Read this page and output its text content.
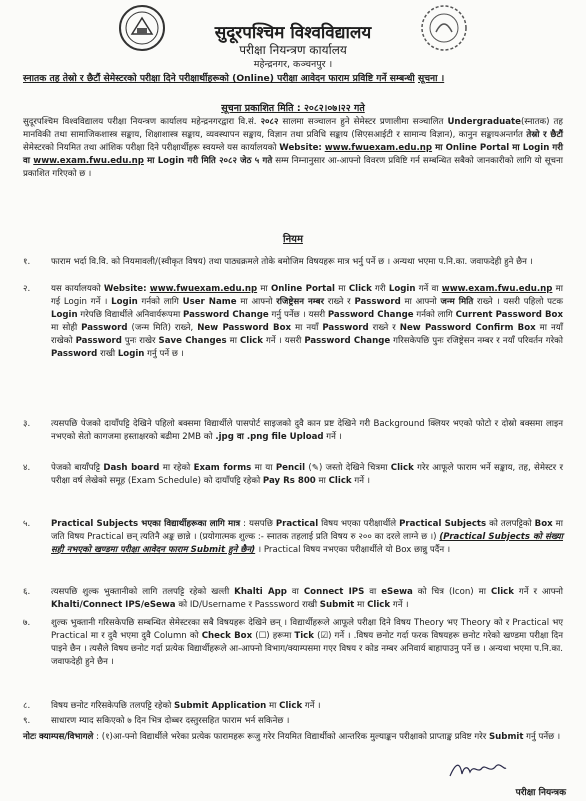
सुदूरपश्चिम विश्वविद्यालय
परीक्षा नियन्त्रण कार्यालय
महेन्द्रनगर, कञ्चनपुर ।
स्नातक तह तेस्रो र छैटौं सेमेस्टरको परीक्षा दिने परीक्षार्थीहरूको (Online) परीक्षा आवेदन फाराम प्रविष्टि गर्ने सम्बन्धी सूचना ।
सूचना प्रकाशित मिति : २०८२।०७।२२ गते
सुदूरपश्चिम विश्वविद्यालय परीक्षा नियन्त्रण कार्यालय महेन्द्रनगरद्वारा वि.सं. २०८२ सालमा सञ्चालन हुने सेमेस्टर प्रणालीमा सञ्चालित Undergraduate(स्नातक) तह मानविकी तथा सामाजिकशास्त्र सङ्काय, शिक्षाशास्त्र सङ्काय, व्यवस्थापन सङ्काय, विज्ञान तथा प्रविधि सङ्काय (सिएसआईटी र सामान्य विज्ञान), कानुन सङ्कायअन्तर्गत तेस्रो र छैटौं सेमेस्टरको नियमित तथा आंशिक परीक्षा दिने परीक्षार्थीहरू स्वयम्ले यस कार्यालयको Website: www.fwuexam.edu.np मा Online Portal मा Login गरी वा www.exam.fwu.edu.np मा Login गरी मिति २०८२ जेठ ५ गते सम्म निम्नानुसार आ-आफ्नो विवरण प्रविष्टि गर्न सम्बन्धित सबैको जानकारीको लागि यो सूचना प्रकाशित गरिएको छ ।
नियम
१. फाराम भर्दा वि.वि. को नियमावली/(स्वीकृत विषय) तथा पाठ्यक्रमले तोके बमोजिम विषयहरू मात्र भर्नु पर्ने छ । अन्यथा भएमा प.नि.का. जवाफदेही हुने छैन ।
२. यस कार्यालयको Website: www.fwuexam.edu.np मा Online Portal मा Click गरी Login गर्ने वा www.exam.fwu.edu.np मा गई Login गर्ने । Login गर्नको लागि User Name मा आफ्नो रजिष्ट्रेसन नम्बर राख्ने र Password मा आफ्नो जन्म मिति राख्ने । यसरी पहिलो पटक Login गरेपछि विद्यार्थीले अनिवार्यरूपमा Password Change गर्नु पर्नेछ । यसरी Password Change गर्नको लागि Current Password Box मा सोही Password (जन्म मिति) राख्ने, New Password Box मा नयाँ Password राख्ने र New Password Confirm Box मा नयाँ राखेको Password पुनः राखेर Save Changes मा Click गर्ने । यसरी Password Change गरिसकेपछि पुनः रजिष्ट्रेसन नम्बर र नयाँ परिवर्तन गरेको Password राखी Login गर्नु पर्ने छ ।
३. त्यसपछि पेजको दायाँपट्टि देखिने पहिलो बक्समा विद्यार्थीले पासपोर्ट साइजको दुवै कान प्रष्ट देखिने गरी Background क्लियर भएको फोटो र दोस्रो बक्समा लाइन नभएको सेतो कागजमा हस्ताक्षरको बढीमा 2MB को .jpg वा .png file Upload गर्ने ।
४. पेजको बायाँपट्टि Dash board मा रहेको Exam forms मा या Pencil (✎) जस्तो देखिने चित्रमा Click गरेर आफूले फाराम भर्ने सङ्काय, तह, सेमेस्टर र परीक्षा वर्ष लेखेको समूह (Exam Schedule) को दायाँपट्टि रहेको Pay Rs 800 मा Click गर्ने ।
५. Practical Subjects भएका विद्यार्थीहरूका लागि मात्र : यसपछि Practical विषय भएका परीक्षार्थीले Practical Subjects को तलपट्टिको Box मा जति विषय Practical छन् त्यतिनै अङ्क छान्ने । (प्रयोगात्मक शुल्क :- स्नातक तहलाई प्रति विषय रु २०० का दरले लाग्ने छ ।) (Practical Subjects को संख्या सही नभएको खण्डमा परीक्षा आवेदन फाराम Submit हुने छैन) । Practical विषय नभएका परीक्षार्थीले यो Box छान्नु पर्दैन ।
६. त्यसपछि शुल्क भुक्तानीको लागि तलपट्टि रहेको खल्ती Khalti App वा Connect IPS वा eSewa को चित्र (Icon) मा Click गर्ने र आफ्नो Khalti/Connect IPS/eSewa को ID/Username र Passsword राखी Submit मा Click गर्ने ।
७. शुल्क भुक्तानी गरिसकेपछि सम्बन्धित सेमेस्टरका सबै विषयहरू देखिने छन् । विद्यार्थीहरूले आफूले परीक्षा दिने विषय Theory भए Theory को र Practical भए Practical मा र दुवै भएमा दुवै Column को Check Box (☐) हरूमा Tick (☑) गर्ने । .विषय छनोट गर्दा फरक विषयहरू छनोट गरेको खण्डमा परीक्षा दिन पाइने छैन । त्यसैले विषय छनोट गर्दा प्रत्येक विद्यार्थीहरूले आ-आफ्नो विभाग/क्याम्पसमा गएर विषय र कोड नम्बर अनिवार्य बाहापाउनु पर्ने छ । अन्यथा भएमा प.नि.का. जवाफदेही हुने छैन ।
८. विषय छनोट गरिसकेपछि तलपट्टि रहेको Submit Application मा Click गर्ने ।
९. साधारण म्याद सकिएको ७ दिन भित्र दोब्बर दस्तुरसहित फाराम भर्न सकिनेछ ।
नोटः क्याम्पस/विभागले : (१)आ-फ्नो विद्यार्थीले भरेका प्रत्येक फारामहरू रूजु गरेर नियमित विद्यार्थीको आन्तरिक मुल्याङ्कन परीक्षाको प्राप्ताङ्क प्रविष्ट गरेर Submit गर्नु पर्नेछ ।
परीक्षा नियन्त्रक
